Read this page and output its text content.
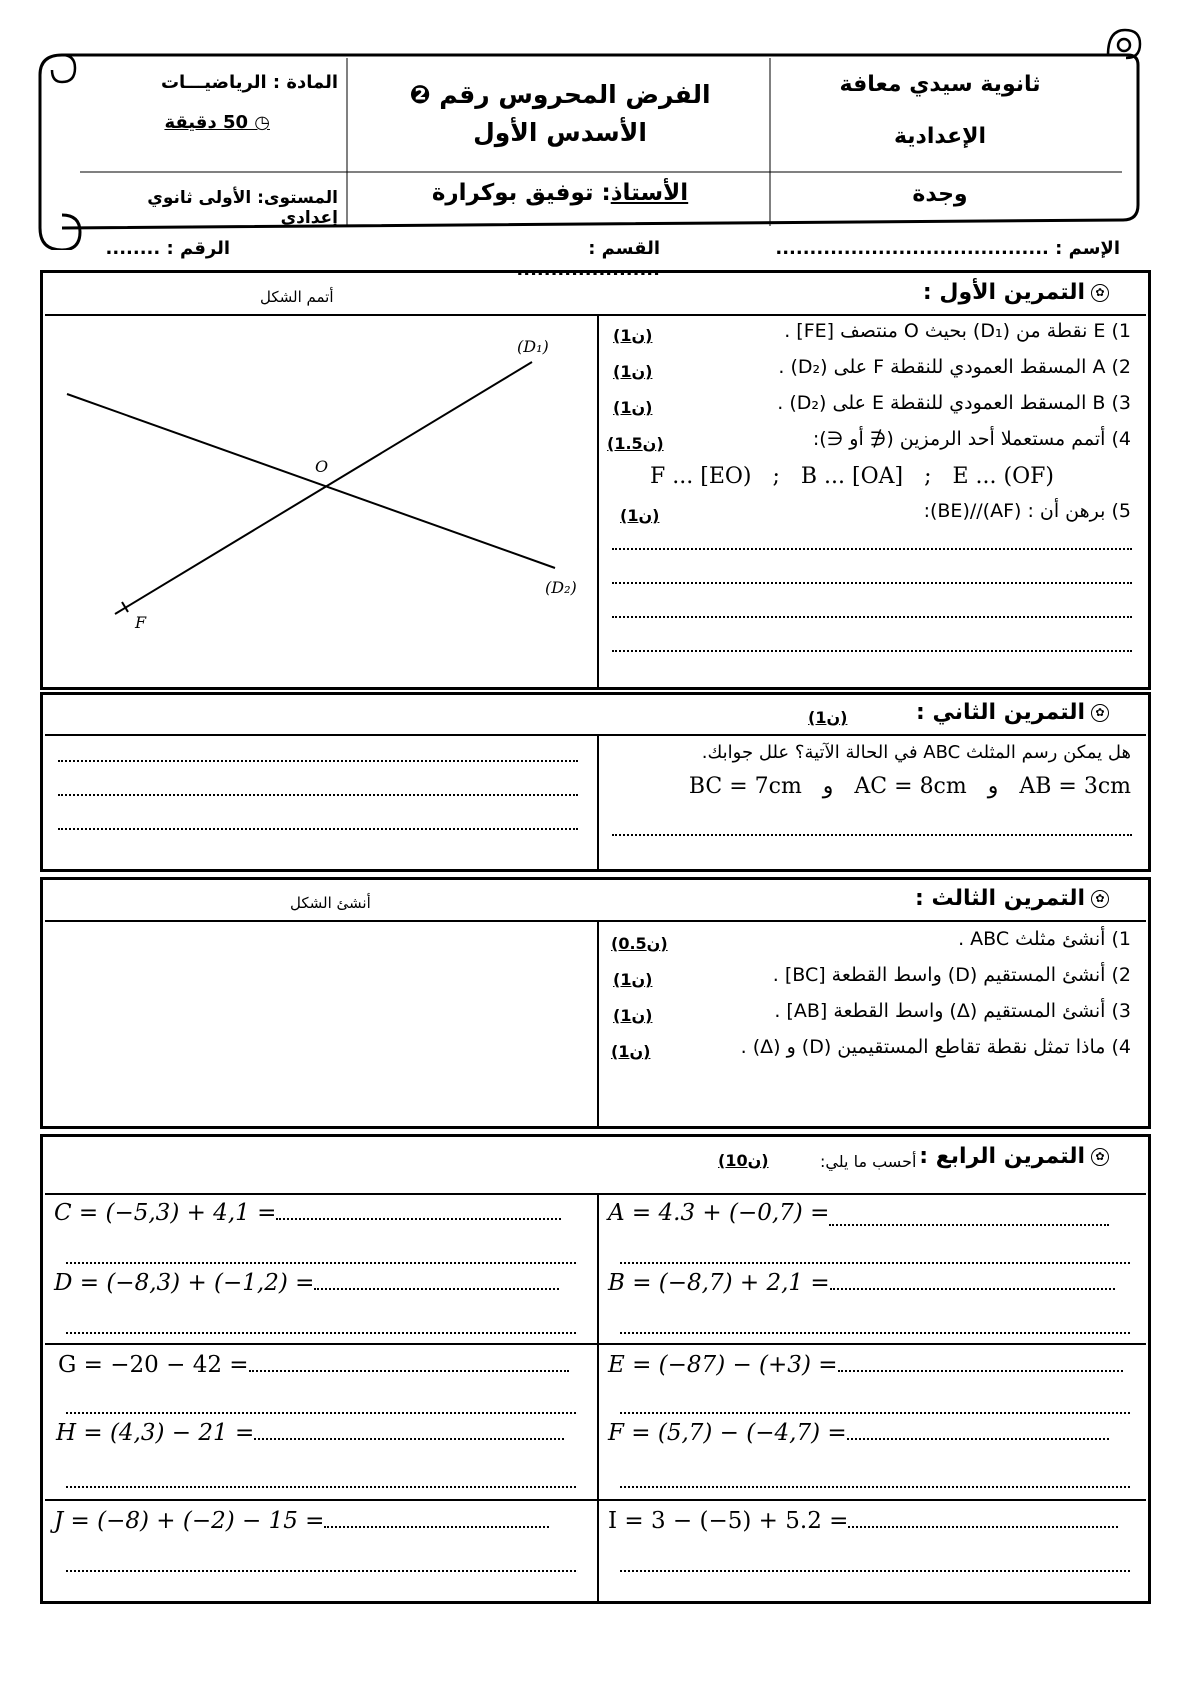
ثانوية سيدي معافة
الإعدادية
وجدة
الفرض المحروس رقم ❷
الأسدس الأول
الأستاذ: توفيق بوكرارة
المادة : الرياضيـــات
◷ 50 دقيقة
المستوى: الأولى ثانوي إعدادي
الإسم : ........................................
القسم : .....................
الرقم : ........
✿التمرين الأول :
أتمم الشكل
1) E نقطة من (D₁) بحيث O منتصف [FE] .
(1ن)
2) A المسقط العمودي للنقطة F على (D₂) .
(1ن)
3) B المسقط العمودي للنقطة E على (D₂) .
(1ن)
4) أتمم مستعملا أحد الرمزين (∉ أو ∈):
(1.5ن)
F ... [EO)   ;   B ... [OA]   ;   E ... (OF)
5) برهن أن : (AF)//(BE):
(1ن)
(D₁)
(D₂)
O
F
✿التمرين الثاني :
(1ن)
هل يمكن رسم المثلث ABC في الحالة الآتية؟ علل جوابك.
AB = 3cm   و   AC = 8cm   و   BC = 7cm
✿التمرين الثالث :
أنشئ الشكل
1) أنشئ مثلث ABC .
(0.5ن)
2) أنشئ المستقيم (D) واسط القطعة [BC] .
(1ن)
3) أنشئ المستقيم (Δ) واسط القطعة [AB] .
(1ن)
4) ماذا تمثل نقطة تقاطع المستقيمين (D) و (Δ) .
(1ن)
✿التمرين الرابع :
أحسب ما يلي:
(10ن)
A = 4.3 + (−0,7) =
B = (−8,7) + 2,1 =
E = (−87) − (+3) =
F = (5,7) − (−4,7) =
I = 3 − (−5) + 5.2 =
C = (−5,3) + 4,1 =
D = (−8,3) + (−1,2) =
G = −20 − 42 =
H = (4,3) − 21 =
J = (−8) + (−2) − 15 =
